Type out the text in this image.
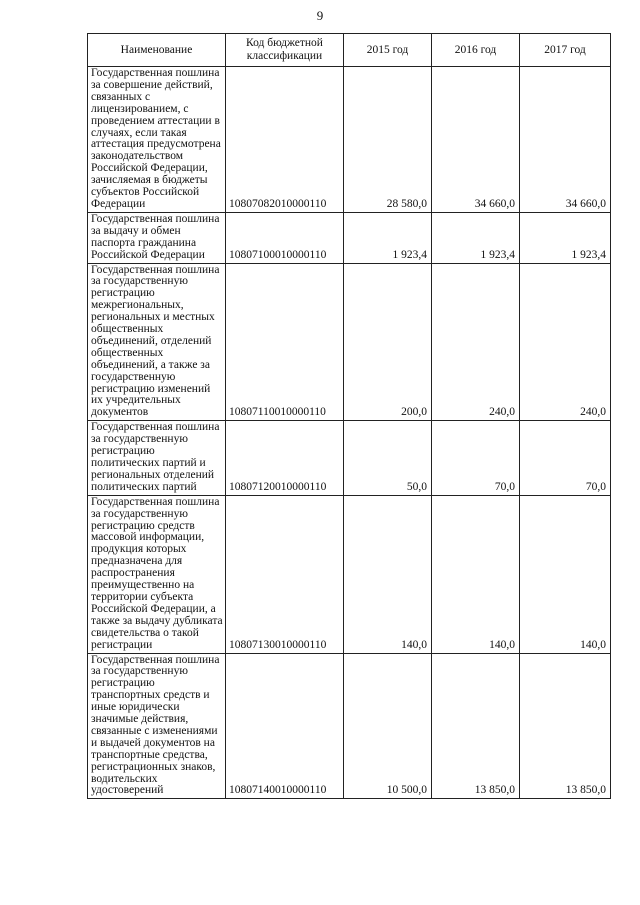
9
Наименование	Код бюджетной классификации	2015 год	2016 год	2017 год
Государственная пошлина за совершение действий, связанных с лицензированием, с проведением аттестации в случаях, если такая аттестация предусмотрена законодательством Российской Федерации, зачисляемая в бюджеты субъектов Российской Федерации	10807082010000110	28 580,0	34 660,0	34 660,0
Государственная пошлина за выдачу и обмен паспорта гражданина Российской Федерации	10807100010000110	1 923,4	1 923,4	1 923,4
Государственная пошлина за государственную регистрацию межрегиональных, региональных и местных общественных объединений, отделений общественных объединений, а также за государственную регистрацию изменений их учредительных документов	10807110010000110	200,0	240,0	240,0
Государственная пошлина за государственную регистрацию политических партий и региональных отделений политических партий	10807120010000110	50,0	70,0	70,0
Государственная пошлина за государственную регистрацию средств массовой информации, продукция которых предназначена для распространения преимущественно на территории субъекта Российской Федерации, а также за выдачу дубликата свидетельства о такой регистрации	10807130010000110	140,0	140,0	140,0
Государственная пошлина за государственную регистрацию транспортных средств и иные юридически значимые действия, связанные с изменениями и выдачей документов на транспортные средства, регистрационных знаков, водительских удостоверений	10807140010000110	10 500,0	13 850,0	13 850,0
